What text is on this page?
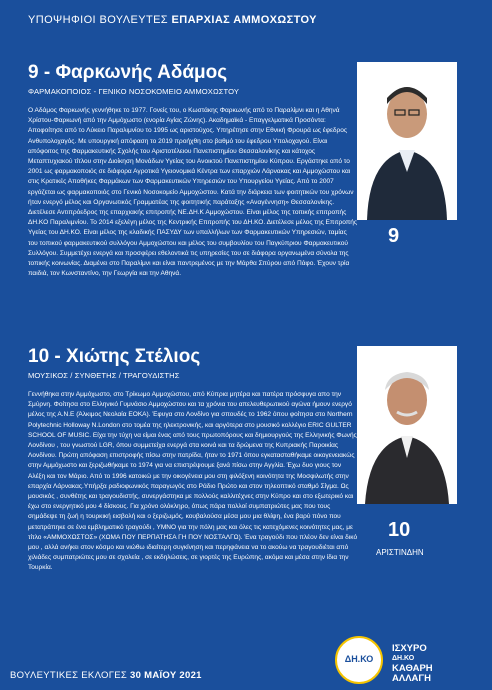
ΥΠΟΨΗΦΙΟΙ ΒΟΥΛΕΥΤΕΣ ΕΠΑΡΧΙΑΣ ΑΜΜΟΧΩΣΤΟΥ
9 - Φαρκωνής Αδάμος
ΦΑΡΜΑΚΟΠΟΙΟΣ - ΓΕΝΙΚΟ ΝΟΣΟΚΟΜΕΙΟ ΑΜΜΟΧΩΣΤΟΥ

Ο Αδάμος Φαρκωνής γεννήθηκε το 1977. Γονείς του, ο Κωστάκης Φαρκωνής από το Παραλίμνι και η Αθηνά Χρίστου-Φαρκωνή από την Αμμόχωστο (ενορία Αγίας Ζώνης). Ακαδημαϊκά - Επαγγελματικά Προσόντα: Αποφοίτησε από το Λύκειο Παραλιμνίου το 1995 ως αριστούχος. Υπηρέτησε στην Εθνική Φρουρά ως έφεδρος Ανθυπολοχαγός. Με υπουργική απόφαση το 2019 προήχθη στο βαθμό του έφεδρου Υπολοχαγού. Είναι απόφοιτος της Φαρμακευτικής Σχολής του Αριστοτέλειου Πανεπιστημίου Θεσσαλονίκης και κάτοχος Μεταπτυχιακού τίτλου στην Διοίκηση Μονάδων Υγείας του Ανοικτού Πανεπιστημίου Κύπρου. Εργάστηκε από το 2001 ως φαρμακοποιός σε διάφορα Αγροτικά Υγειονομικά Κέντρα των επαρχιών Λάρνακας και Αμμοχώστου και στις Κρατικές Αποθήκες Φαρμάκων των Φαρμακευτικών Υπηρεσιών του Υπουργείου Υγείας. Από το 2007 εργάζεται ως φαρμακοποιός στο Γενικό Νοσοκομείο Αμμοχώστου. Κατά την διάρκεια των φοιτητικών του χρόνων ήταν ενεργό μέλος και Οργανωτικός Γραμματέας της φοιτητικής παράταξης «Αναγέννηση» Θεσσαλονίκης. Διετέλεσε Αντιπρόεδρος της επαρχιακής επιτροπής ΝΕ.ΔΗ.Κ Αμμοχώστου. Είναι μέλος της τοπικής επιτροπής ΔΗ.ΚΟ Παραλιμνίου. Το 2014 εξελέγη μέλος της Κεντρικής Επιτροπής του ΔΗ.ΚΟ. Διετέλεσε μέλος της Επιτροπής Υγείας του ΔΗ.ΚΟ. Είναι μέλος της κλαδικής ΠΑΣΥΔΥ των υπαλλήλων των Φαρμακευτικών Υπηρεσιών, ταμίας του τοπικού φαρμακευτικού συλλόγου Αμμοχώστου και μέλος του συμβουλίου του Παγκύπριου Φαρμακευτικού Συλλόγου. Συμμετέχει ενεργά και προσφέρει εθελοντικά τις υπηρεσίες του σε διάφορα οργανωμένα σύνολα της τοπικής κοινωνίας. Διαμένει στο Παραλίμνι και είναι παντρεμένος με την Μάρθα Σπύρου από Πάφο. Έχουν τρία παιδιά, τον Κωνσταντίνο, την Γεωργία και την Αθηνά.

9
10 - Χιώτης Στέλιος
ΜΟΥΣΙΚΟΣ / ΣΥΝΘΕΤΗΣ / ΤΡΑΓΟΥΔΙΣΤΗΣ

Γεννήθηκα στην Αμμόχωστο, στο Τρίκωμο Αμμοχώστου, από Κύπρια μητέρα και πατέρα πρόσφυγα απο την Σμύρνη. Φοίτησα στο Ελληνικό Γυμνάσιο Αμμοχώστου και τα χρόνια του απελευθερωτικού αγώνα ήμουν ενεργό μέλος της Α.Ν.Ε (Άλκιμος Νεολαία ΕΟΚΑ). Έφυγα στο Λονδίνο για σπουδές το 1962 όπου φοίτησα στο Northern Polytechnic Holloway N.London στο τομέα της ηλεκτρονικής, και αργότερα στο μουσικό κολλέγιο ERIC GULTER SCHOOL OF MUSIC. Είχα την τύχη να είμαι ένας από τους πρωτοπόρους και δημιουργούς της Ελληνικής Φωνής Λονδίνου , του γνωστού LGR, όπου συμμετείχα ενεργά στα κοινά και τα δρώμενα της Κυπριακής Παροικίας Λονδίνου. Πρώτη απόφαση επιστροφής πίσω στην πατρίδα, ήταν το 1971 όπου εγκατασταθήκαμε οικογενειακώς στην Αμμόχωστο και ξεριζωθήκαμε το 1974 για να επιστρέψουμε ξανά πίσω στην Αγγλία. Έχω δυο γιους τον Αλέξη και τον Μάριο. Από το 1996 κατοικώ με την οικογένεια μου στη φιλόξενη κοινότητα της Μοσφιλωτής στην επαρχία Λάρνακας.Υπήρξα ραδιοφωνικός παραγωγός στο Ράδιο Πρώτο και στον τηλεοπτικό σταθμό Σίγμα. Ως μουσικός , συνθέτης και τραγουδιστής, συνεργάστηκα με πολλούς καλλιτέχνες στην Κύπρο και στο εξωτερικό και έχω στο ενεργητικό μου 4 δίσκους. Για χρόνο ολόκληρο, όπως πάρα πολλοί συμπατριώτες μας που τους σημάδεψε τη ζωή η τουρκική εισβολή και ο ξεριζωμός, κουβαλούσα μέσα μου μια θλίψη, ένα βαρύ πόνο που μετατράπηκε σε ένα εμβληματικό τραγούδι , ΥΜΝΟ για την πόλη μας και όλες τις κατεχόμενες κοινότητες μας, με τίτλο «ΑΜΜΟΧΩΣΤΟΣ» (ΧΩΜΑ ΠΟΥ ΠΕΡΠΑΤΗΣΑ ΓΗ ΠΟΥ ΝΟΣΤΑΛΓΩ). Ένα τραγούδι που πλέον δεν είναι δικό μου , αλλά ανήκει στον κόσμο και νιώθω ιδιαίτερη συγκίνηση και περηφάνεια να το ακούω να τραγουδιέται από χιλιάδες συμπατριώτες μου σε σχολεία , σε εκδηλώσεις, σε γιορτές της Ευρώπης, ακόμα και μέσα στην ίδια την Τουρκία.

10
ΑΡΙΣΤΙΝΔΗΝ
ΒΟΥΛΕΥΤΙΚΕΣ ΕΚΛΟΓΕΣ 30 ΜΑΪΟΥ 2021
ΔΗ.ΚΟ
ΙΣΧΥΡΟ
ΔΗ.ΚΟ
ΚΑΘΑΡΗ
ΑΛΛΑΓΗ
